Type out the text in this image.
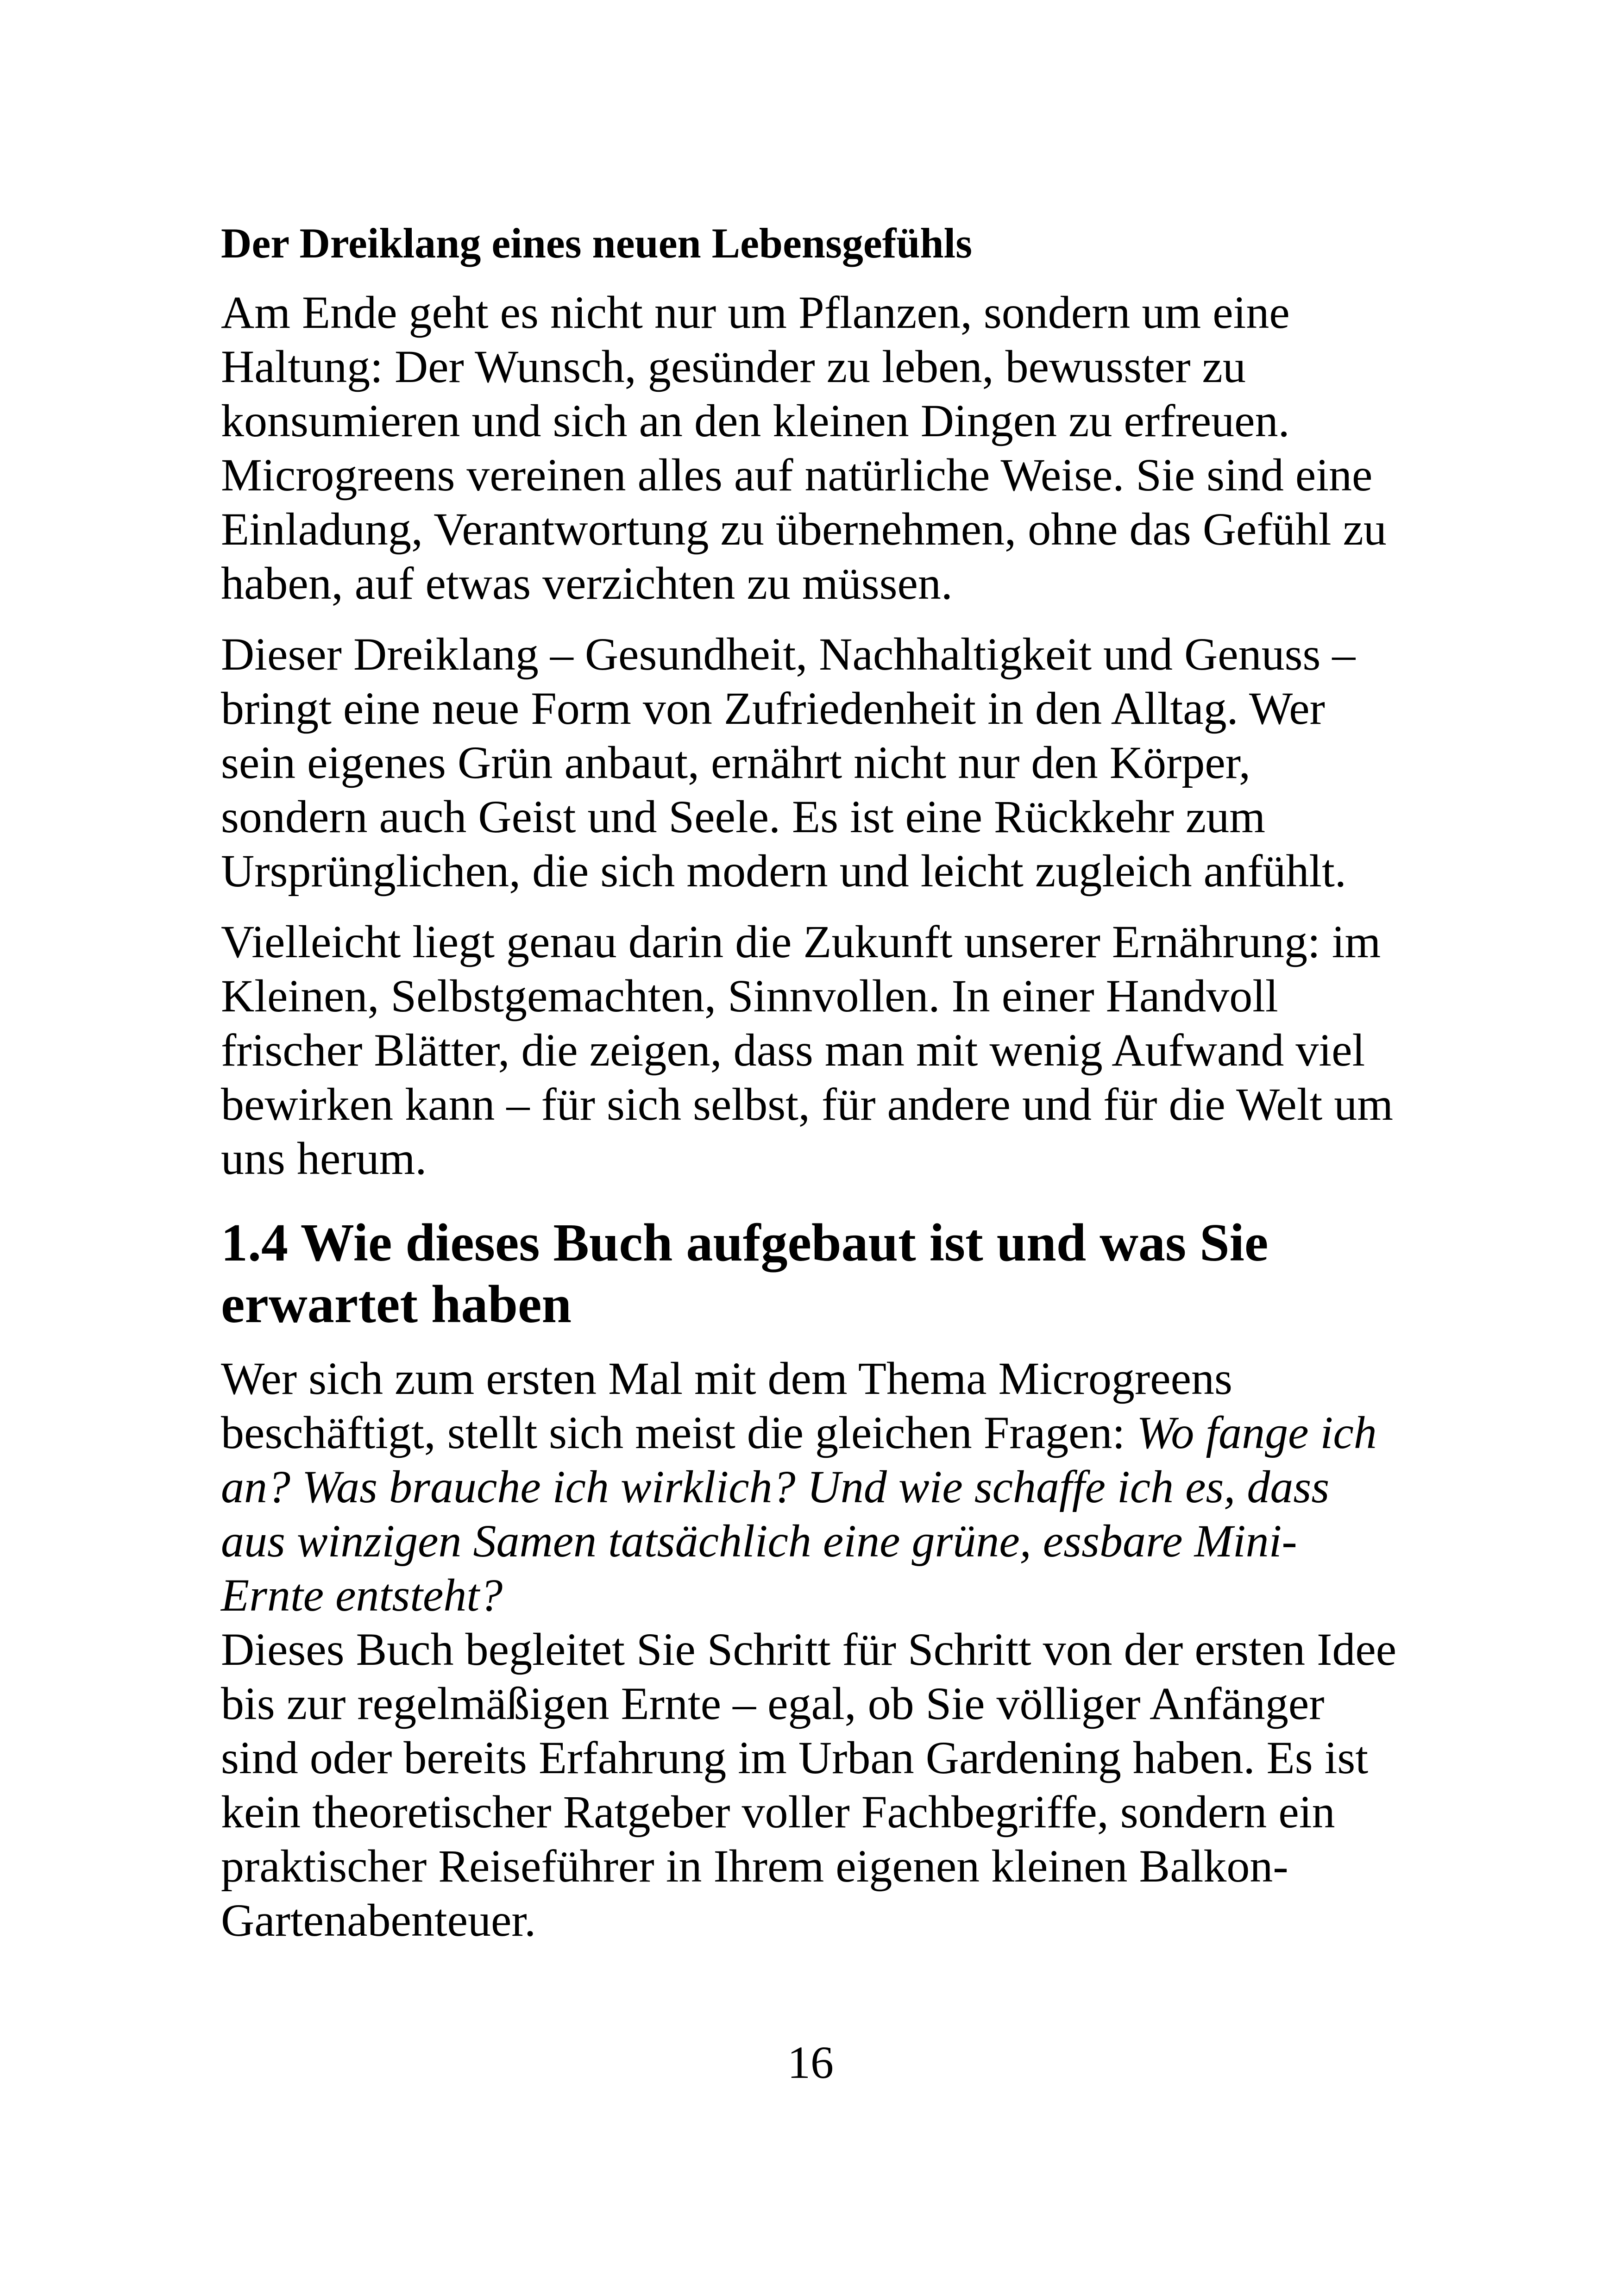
Der Dreiklang eines neuen Lebensgefühls
Am Ende geht es nicht nur um Pflanzen, sondern um eine
Haltung: Der Wunsch, gesünder zu leben, bewusster zu
konsumieren und sich an den kleinen Dingen zu erfreuen.
Microgreens vereinen alles auf natürliche Weise. Sie sind eine
Einladung, Verantwortung zu übernehmen, ohne das Gefühl zu
haben, auf etwas verzichten zu müssen.
Dieser Dreiklang – Gesundheit, Nachhaltigkeit und Genuss –
bringt eine neue Form von Zufriedenheit in den Alltag. Wer
sein eigenes Grün anbaut, ernährt nicht nur den Körper,
sondern auch Geist und Seele. Es ist eine Rückkehr zum
Ursprünglichen, die sich modern und leicht zugleich anfühlt.
Vielleicht liegt genau darin die Zukunft unserer Ernährung: im
Kleinen, Selbstgemachten, Sinnvollen. In einer Handvoll
frischer Blätter, die zeigen, dass man mit wenig Aufwand viel
bewirken kann – für sich selbst, für andere und für die Welt um
uns herum.
1.4 Wie dieses Buch aufgebaut ist und was Sie
erwartet haben
Wer sich zum ersten Mal mit dem Thema Microgreens
beschäftigt, stellt sich meist die gleichen Fragen: Wo fange ich
an? Was brauche ich wirklich? Und wie schaffe ich es, dass
aus winzigen Samen tatsächlich eine grüne, essbare Mini-
Ernte entsteht?
Dieses Buch begleitet Sie Schritt für Schritt von der ersten Idee
bis zur regelmäßigen Ernte – egal, ob Sie völliger Anfänger
sind oder bereits Erfahrung im Urban Gardening haben. Es ist
kein theoretischer Ratgeber voller Fachbegriffe, sondern ein
praktischer Reiseführer in Ihrem eigenen kleinen Balkon-
Gartenabenteuer.
16
